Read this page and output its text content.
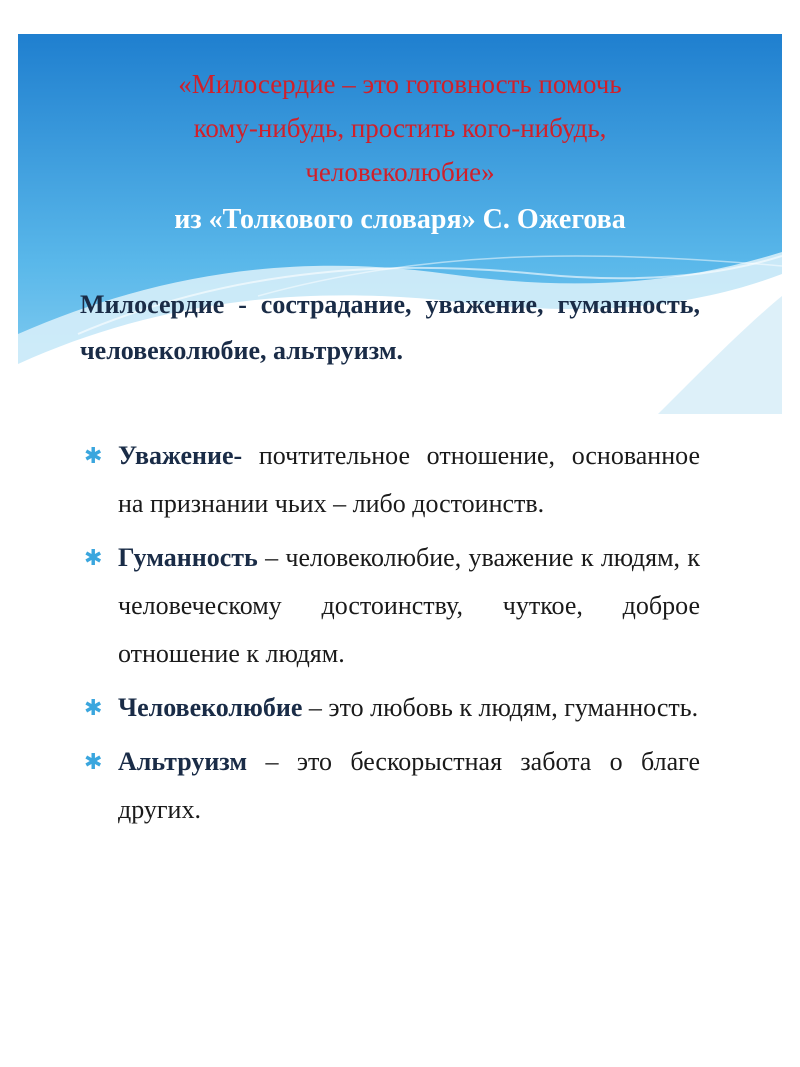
«Милосердие – это готовность помочь
кому-нибудь, простить кого-нибудь,
человеколюбие»

из «Толкового словаря» С. Ожегова

Милосердие - сострадание, уважение, гуманность, человеколюбие, альтруизм.

✱ Уважение- почтительное отношение, основанное на признании чьих – либо достоинств.
✱ Гуманность – человеколюбие, уважение к людям, к человеческому достоинству, чуткое, доброе отношение к людям.
✱ Человеколюбие – это любовь к людям, гуманность.
✱ Альтруизм – это бескорыстная забота о благе других.
